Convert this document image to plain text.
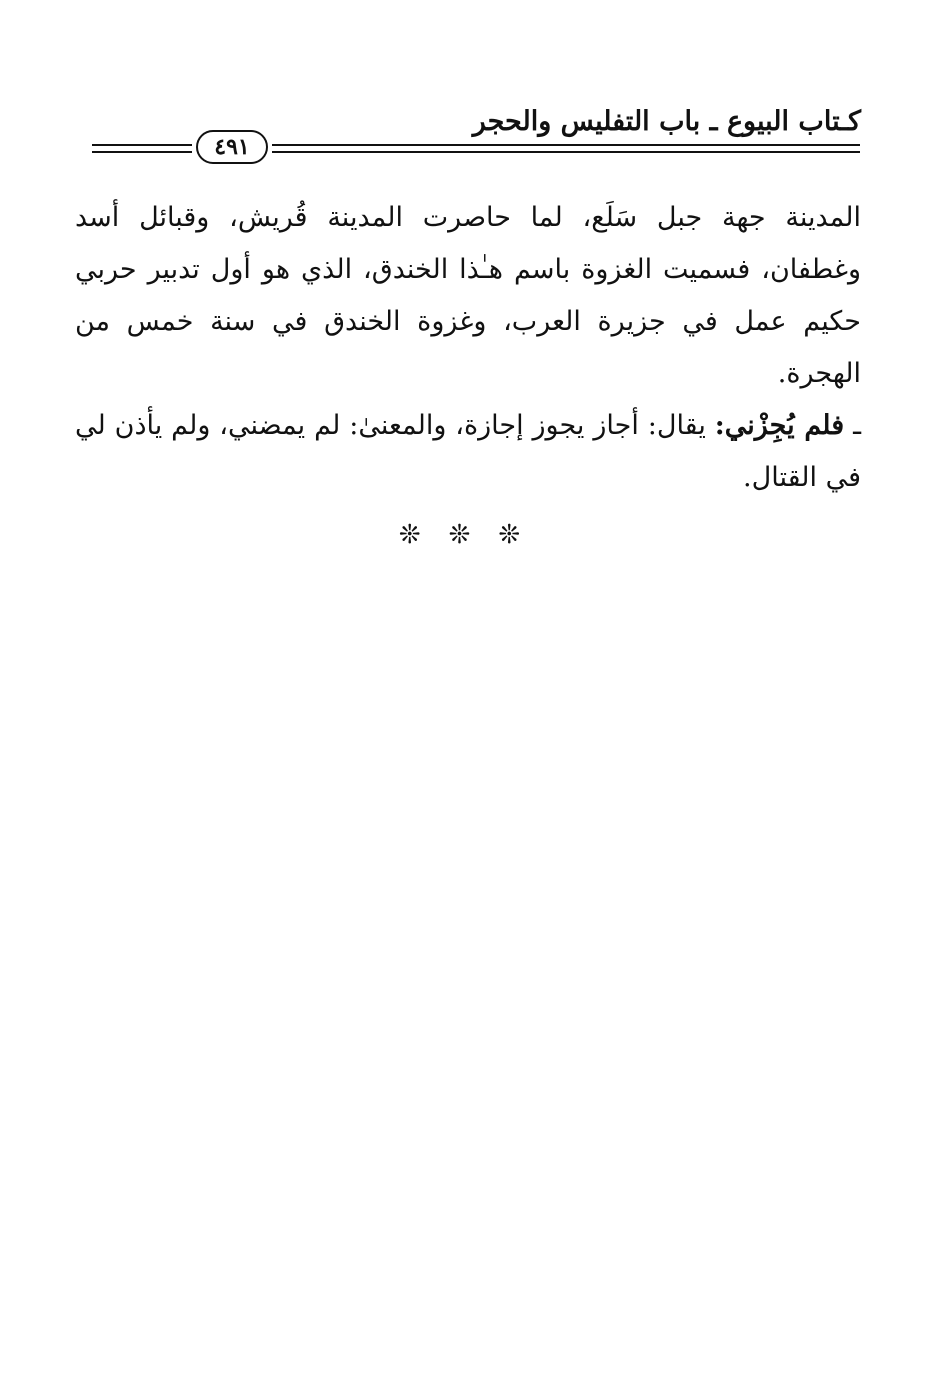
كـتاب البيوع ـ باب التفليس والحجر
٤٩١

المدينة جهة جبل سَلَع، لما حاصرت المدينة قُريش، وقبائل أسد وغطفان، فسميت الغزوة باسم هـٰذا الخندق، الذي هو أول تدبير حربي حكيم عمل في جزيرة العرب، وغزوة الخندق في سنة خمس من الهجرة.

ـ فلم يُجِزْني: يقال: أجاز يجوز إجازة، والمعنىٰ: لم يمضني، ولم يأذن لي في القتال.

❊❊❊
